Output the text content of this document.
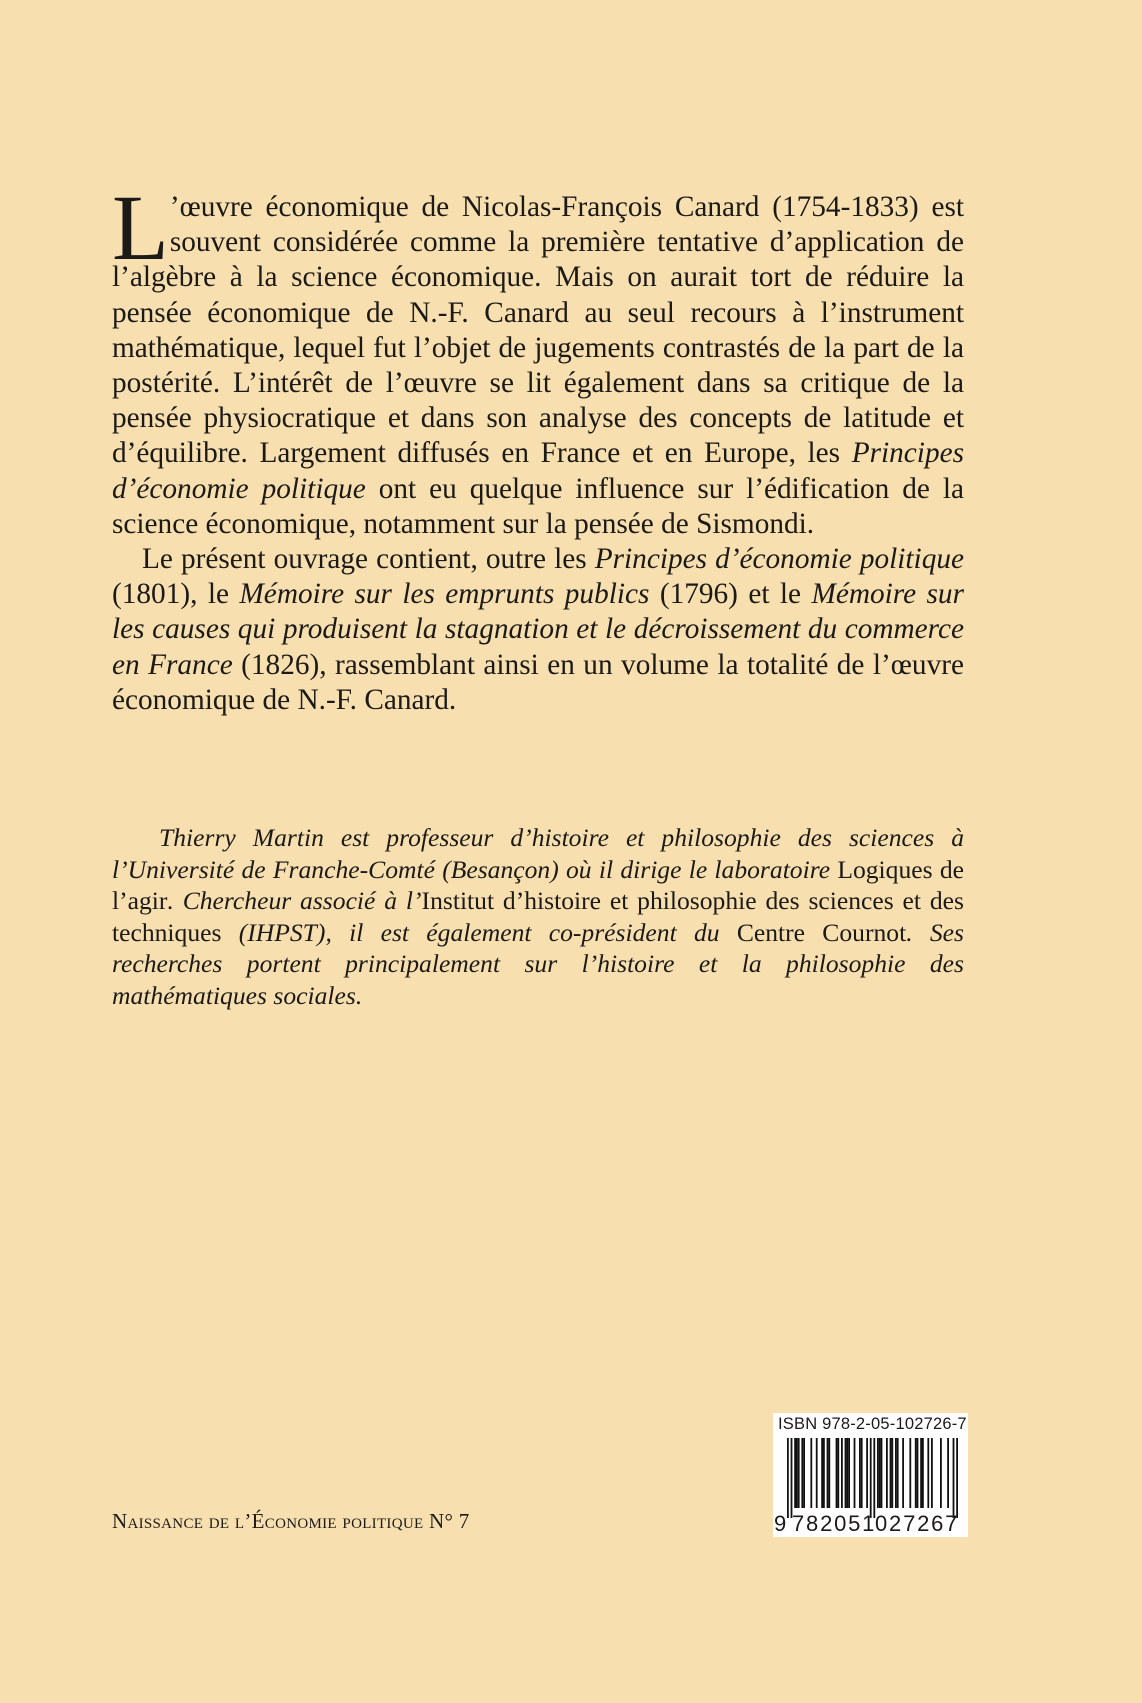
L ’œuvre économique de Nicolas-François Canard (1754-1833) est souvent considérée comme la première tentative d’application de l’algèbre à la science économique. Mais on aurait tort de réduire la pensée économique de N.-F. Canard au seul recours à l’instrument mathématique, lequel fut l’objet de jugements contrastés de la part de la postérité. L’intérêt de l’œuvre se lit également dans sa critique de la pensée physiocratique et dans son analyse des concepts de latitude et d’équilibre. Largement diffusés en France et en Europe, les Principes d’économie politique ont eu quelque influence sur l’édification de la science économique, notamment sur la pensée de Sismondi.

Le présent ouvrage contient, outre les Principes d’économie politique (1801), le Mémoire sur les emprunts publics (1796) et le Mémoire sur les causes qui produisent la stagnation et le décroissement du commerce en France (1826), rassemblant ainsi en un volume la totalité de l’œuvre économique de N.-F. Canard.

Thierry Martin est professeur d’histoire et philosophie des sciences à l’Université de Franche-Comté (Besançon) où il dirige le laboratoire Logiques de l’agir. Chercheur associé à l’Institut d’histoire et philosophie des sciences et des techniques (IHPST), il est également co-président du Centre Cournot. Ses recherches portent principalement sur l’histoire et la philosophie des mathématiques sociales.

Naissance de l’Économie politique N° 7
ISBN 978-2-05-102726-7
9 782051
027267
